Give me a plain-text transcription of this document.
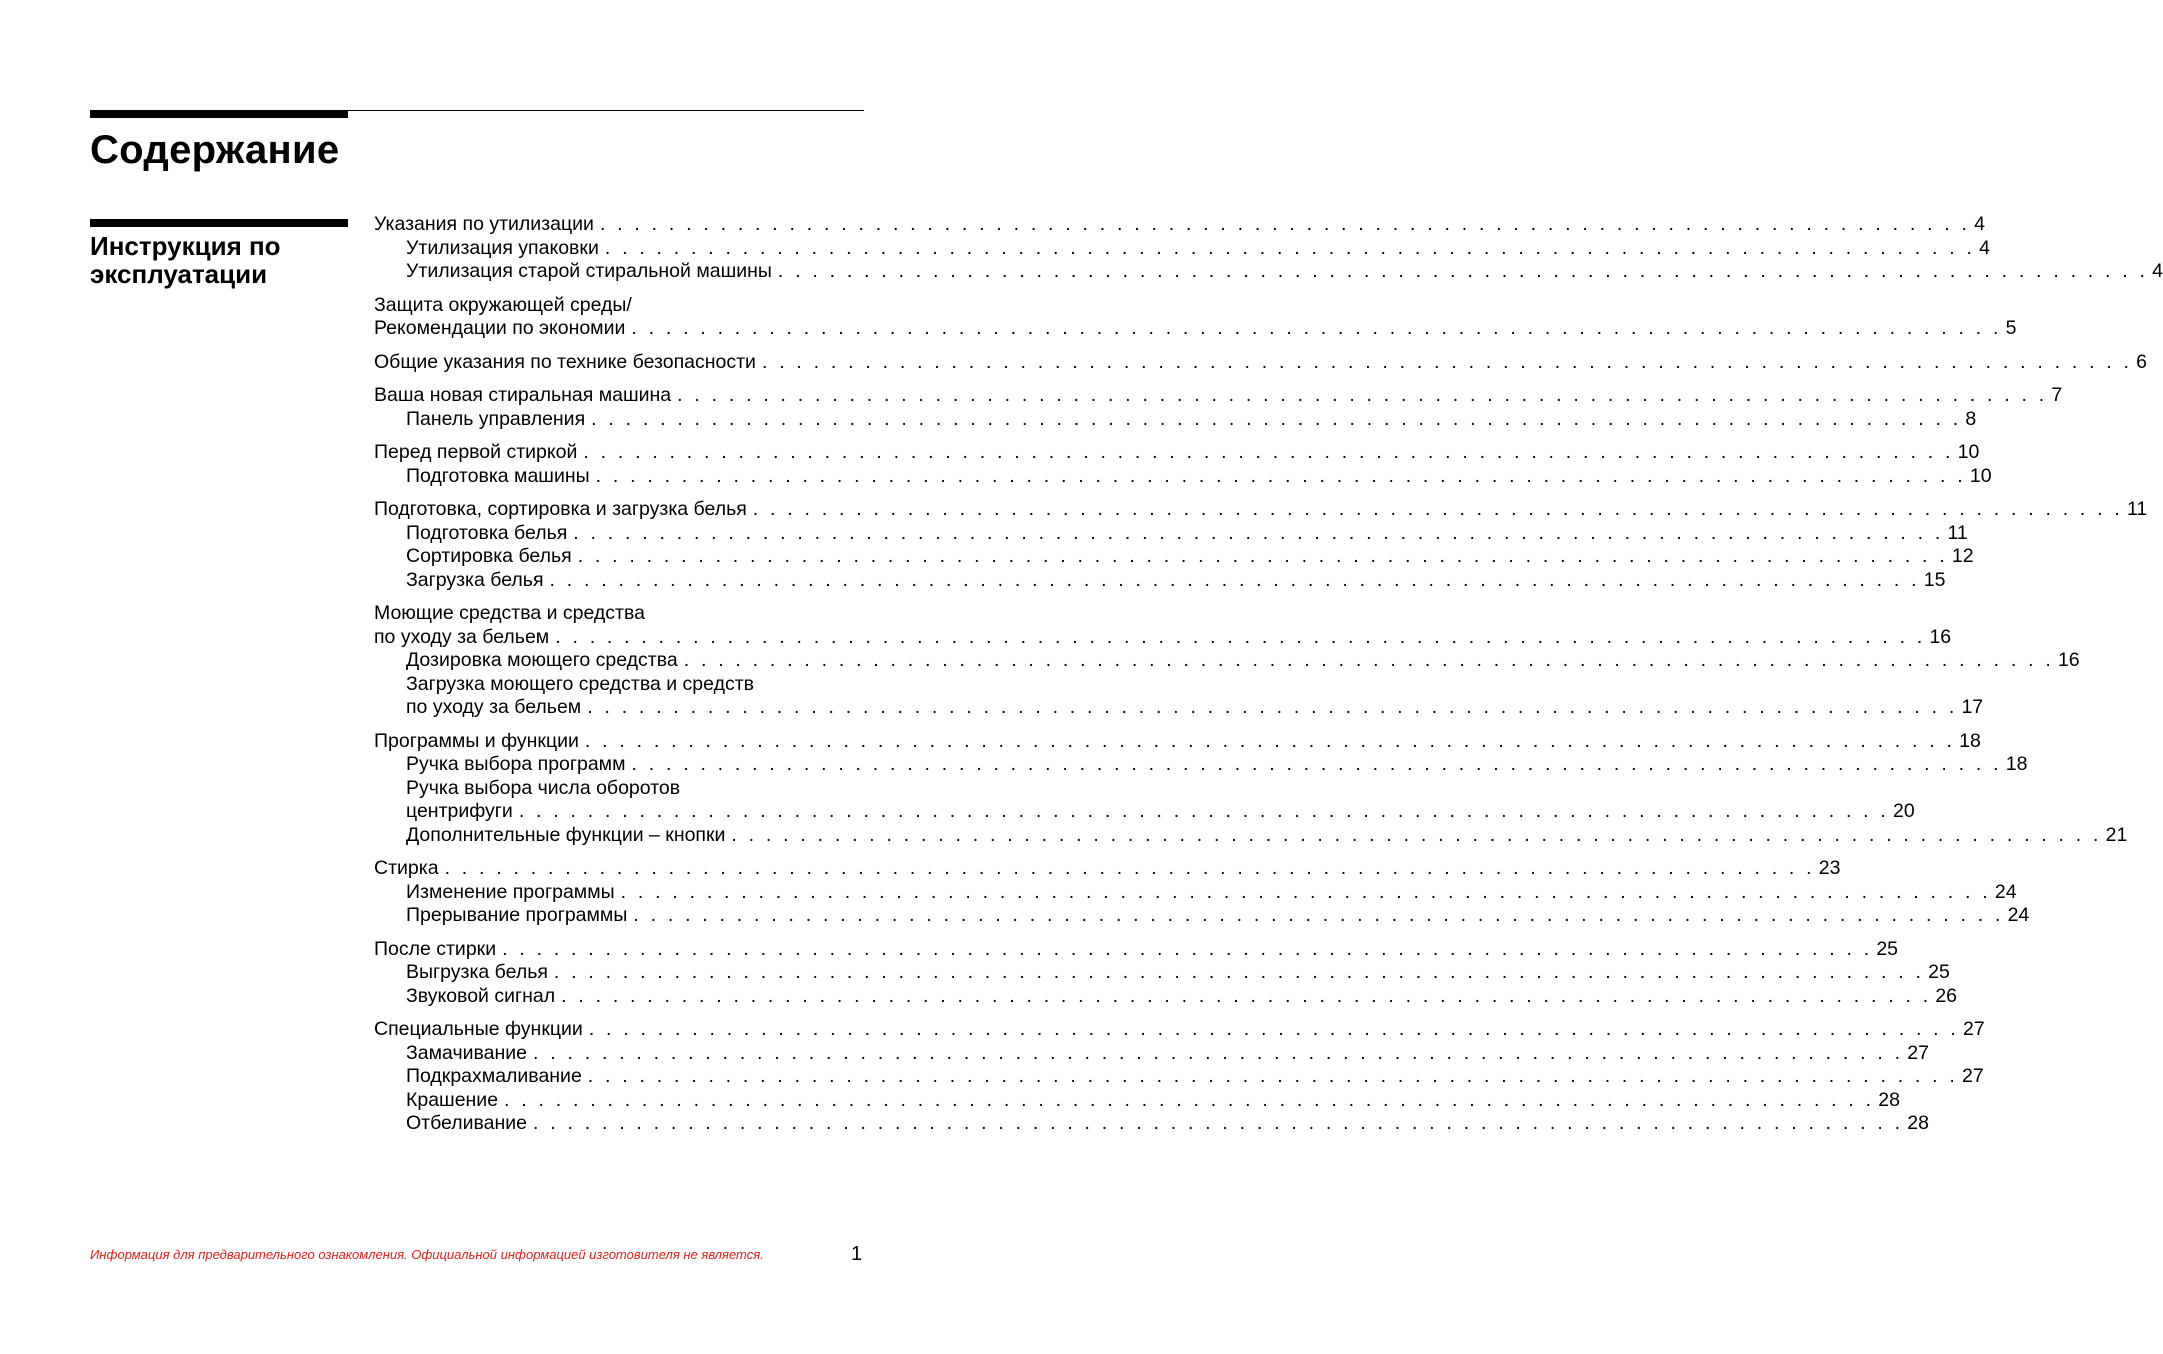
Содержание
Инструкция по эксплуатации
Указания по утилизации . . . . . . . . . . . . . . . . . . . . . . . . . . . . . . . . . . . . . . . . . . . . . . . . . . . . . . . . . . . . . . . . . . . . . . . . . . . . . . . . 4
Утилизация упаковки . . . . . . . . . . . . . . . . . . . . . . . . . . . . . . . . . . . . . . . . . . . . . . . . . . . . . . . . . . . . . . . . . . . . . . . . . . . . . . . . 4
Утилизация старой стиральной машины . . . . . . . . . . . . . . . . . . . . . . . . . . . . . . . . . . . . . . . . . . . . . . . . . . . . . . . . . . . . . . . . . . . . . . . . . . . . . . . . 4
Защита окружающей среды/
Рекомендации по экономии . . . . . . . . . . . . . . . . . . . . . . . . . . . . . . . . . . . . . . . . . . . . . . . . . . . . . . . . . . . . . . . . . . . . . . . . . . . . . . . . 5
Общие указания по технике безопасности . . . . . . . . . . . . . . . . . . . . . . . . . . . . . . . . . . . . . . . . . . . . . . . . . . . . . . . . . . . . . . . . . . . . . . . . . . . . . . . . 6
Ваша новая стиральная машина . . . . . . . . . . . . . . . . . . . . . . . . . . . . . . . . . . . . . . . . . . . . . . . . . . . . . . . . . . . . . . . . . . . . . . . . . . . . . . . . 7
Панель управления . . . . . . . . . . . . . . . . . . . . . . . . . . . . . . . . . . . . . . . . . . . . . . . . . . . . . . . . . . . . . . . . . . . . . . . . . . . . . . . . 8
Перед первой стиркой . . . . . . . . . . . . . . . . . . . . . . . . . . . . . . . . . . . . . . . . . . . . . . . . . . . . . . . . . . . . . . . . . . . . . . . . . . . . . . . . 10
Подготовка машины . . . . . . . . . . . . . . . . . . . . . . . . . . . . . . . . . . . . . . . . . . . . . . . . . . . . . . . . . . . . . . . . . . . . . . . . . . . . . . . . 10
Подготовка, сортировка и загрузка белья . . . . . . . . . . . . . . . . . . . . . . . . . . . . . . . . . . . . . . . . . . . . . . . . . . . . . . . . . . . . . . . . . . . . . . . . . . . . . . . . 11
Подготовка белья . . . . . . . . . . . . . . . . . . . . . . . . . . . . . . . . . . . . . . . . . . . . . . . . . . . . . . . . . . . . . . . . . . . . . . . . . . . . . . . . 11
Сортировка белья . . . . . . . . . . . . . . . . . . . . . . . . . . . . . . . . . . . . . . . . . . . . . . . . . . . . . . . . . . . . . . . . . . . . . . . . . . . . . . . . 12
Загрузка белья . . . . . . . . . . . . . . . . . . . . . . . . . . . . . . . . . . . . . . . . . . . . . . . . . . . . . . . . . . . . . . . . . . . . . . . . . . . . . . . . 15
Моющие средства и средства
по уходу за бельем . . . . . . . . . . . . . . . . . . . . . . . . . . . . . . . . . . . . . . . . . . . . . . . . . . . . . . . . . . . . . . . . . . . . . . . . . . . . . . . . 16
Дозировка моющего средства . . . . . . . . . . . . . . . . . . . . . . . . . . . . . . . . . . . . . . . . . . . . . . . . . . . . . . . . . . . . . . . . . . . . . . . . . . . . . . . . 16
Загрузка моющего средства и средств
по уходу за бельем . . . . . . . . . . . . . . . . . . . . . . . . . . . . . . . . . . . . . . . . . . . . . . . . . . . . . . . . . . . . . . . . . . . . . . . . . . . . . . . . 17
Программы и функции . . . . . . . . . . . . . . . . . . . . . . . . . . . . . . . . . . . . . . . . . . . . . . . . . . . . . . . . . . . . . . . . . . . . . . . . . . . . . . . . 18
Ручка выбора программ . . . . . . . . . . . . . . . . . . . . . . . . . . . . . . . . . . . . . . . . . . . . . . . . . . . . . . . . . . . . . . . . . . . . . . . . . . . . . . . . 18
Ручка выбора числа оборотов
центрифуги . . . . . . . . . . . . . . . . . . . . . . . . . . . . . . . . . . . . . . . . . . . . . . . . . . . . . . . . . . . . . . . . . . . . . . . . . . . . . . . . 20
Дополнительные функции – кнопки . . . . . . . . . . . . . . . . . . . . . . . . . . . . . . . . . . . . . . . . . . . . . . . . . . . . . . . . . . . . . . . . . . . . . . . . . . . . . . . . 21
Стирка . . . . . . . . . . . . . . . . . . . . . . . . . . . . . . . . . . . . . . . . . . . . . . . . . . . . . . . . . . . . . . . . . . . . . . . . . . . . . . . . 23
Изменение программы . . . . . . . . . . . . . . . . . . . . . . . . . . . . . . . . . . . . . . . . . . . . . . . . . . . . . . . . . . . . . . . . . . . . . . . . . . . . . . . . 24
Прерывание программы . . . . . . . . . . . . . . . . . . . . . . . . . . . . . . . . . . . . . . . . . . . . . . . . . . . . . . . . . . . . . . . . . . . . . . . . . . . . . . . . 24
После стирки . . . . . . . . . . . . . . . . . . . . . . . . . . . . . . . . . . . . . . . . . . . . . . . . . . . . . . . . . . . . . . . . . . . . . . . . . . . . . . . . 25
Выгрузка белья . . . . . . . . . . . . . . . . . . . . . . . . . . . . . . . . . . . . . . . . . . . . . . . . . . . . . . . . . . . . . . . . . . . . . . . . . . . . . . . . 25
Звуковой сигнал . . . . . . . . . . . . . . . . . . . . . . . . . . . . . . . . . . . . . . . . . . . . . . . . . . . . . . . . . . . . . . . . . . . . . . . . . . . . . . . . 26
Специальные функции . . . . . . . . . . . . . . . . . . . . . . . . . . . . . . . . . . . . . . . . . . . . . . . . . . . . . . . . . . . . . . . . . . . . . . . . . . . . . . . . 27
Замачивание . . . . . . . . . . . . . . . . . . . . . . . . . . . . . . . . . . . . . . . . . . . . . . . . . . . . . . . . . . . . . . . . . . . . . . . . . . . . . . . . 27
Подкрахмаливание . . . . . . . . . . . . . . . . . . . . . . . . . . . . . . . . . . . . . . . . . . . . . . . . . . . . . . . . . . . . . . . . . . . . . . . . . . . . . . . . 27
Крашение . . . . . . . . . . . . . . . . . . . . . . . . . . . . . . . . . . . . . . . . . . . . . . . . . . . . . . . . . . . . . . . . . . . . . . . . . . . . . . . . 28
Отбеливание . . . . . . . . . . . . . . . . . . . . . . . . . . . . . . . . . . . . . . . . . . . . . . . . . . . . . . . . . . . . . . . . . . . . . . . . . . . . . . . . 28
Информация для предварительного ознакомления. Официальной информацией изготовителя не является.	1
